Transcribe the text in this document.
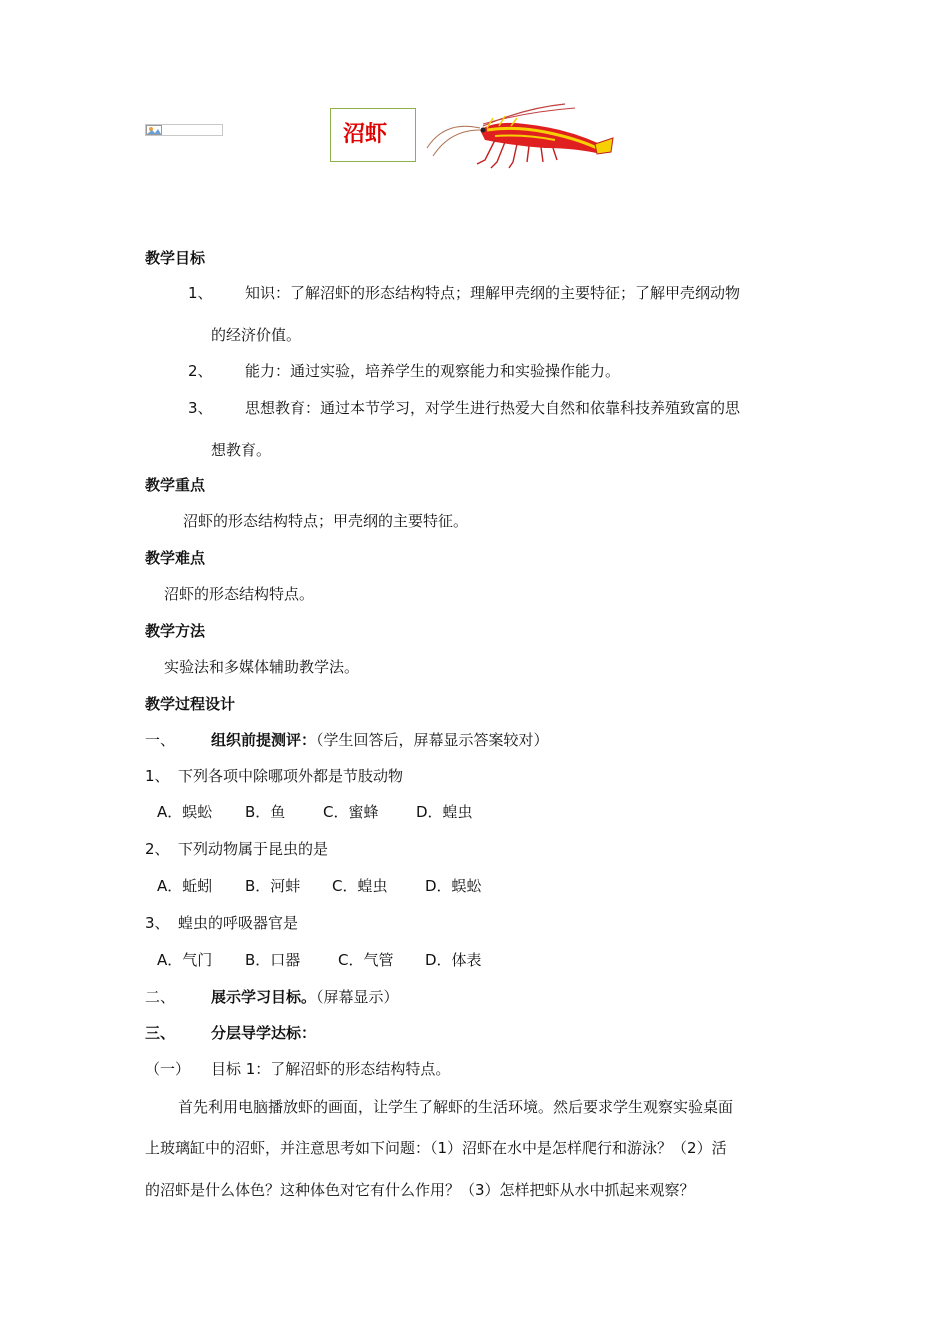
沼虾
教学目标
1、 知识：了解沼虾的形态结构特点；理解甲壳纲的主要特征；了解甲壳纲动物
的经济价值。
2、 能力：通过实验，培养学生的观察能力和实验操作能力。
3、 思想教育：通过本节学习，对学生进行热爱大自然和依靠科技养殖致富的思
想教育。
教学重点
沼虾的形态结构特点；甲壳纲的主要特征。
教学难点
沼虾的形态结构特点。
教学方法
实验法和多媒体辅助教学法。
教学过程设计
一、 组织前提测评：（学生回答后，屏幕显示答案较对）
1、 下列各项中除哪项外都是节肢动物
A．蜈蚣 B．鱼	C．蜜蜂	D．蝗虫
2、 下列动物属于昆虫的是
A．蚯蚓 B．河蚌 C．蝗虫	D．蜈蚣
3、 蝗虫的呼吸器官是
A．气门 B．口器	C．气管 D．体表
二、 展示学习目标。（屏幕显示）
三、 分层导学达标：
（一） 目标 1：了解沼虾的形态结构特点。
首先利用电脑播放虾的画面，让学生了解虾的生活环境。然后要求学生观察实验桌面
上玻璃缸中的沼虾，并注意思考如下问题：（1）沼虾在水中是怎样爬行和游泳？（2）活
的沼虾是什么体色？这种体色对它有什么作用？（3）怎样把虾从水中抓起来观察？
